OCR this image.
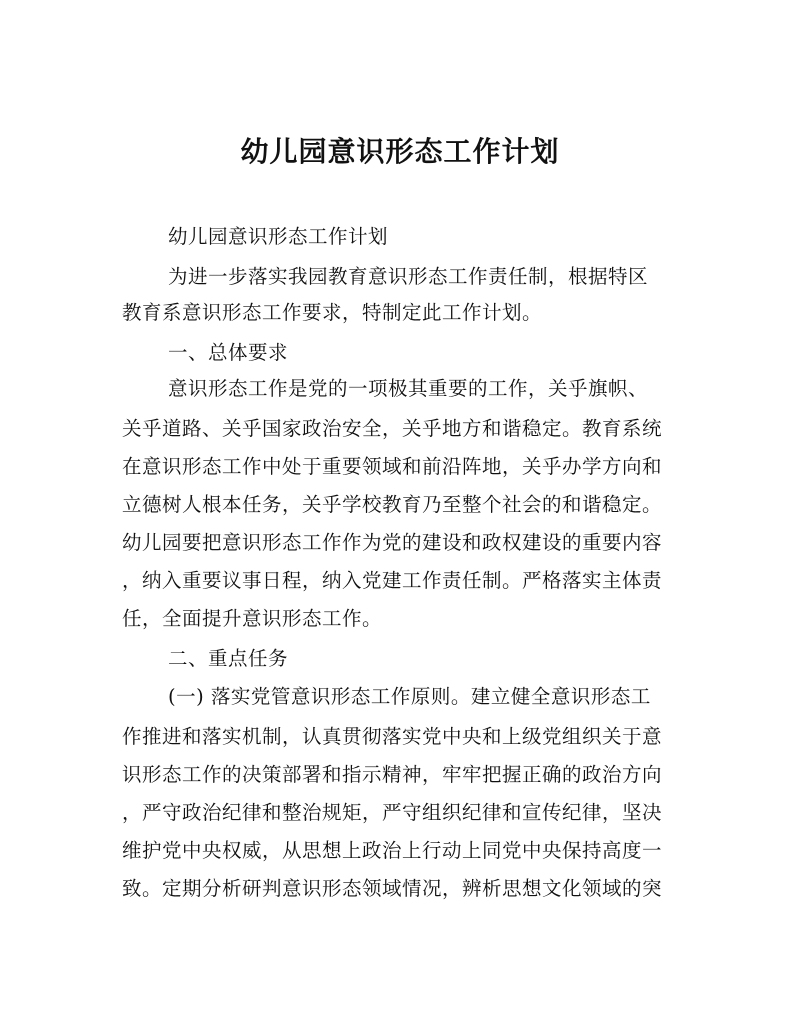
幼儿园意识形态工作计划
幼儿园意识形态工作计划
为进一步落实我园教育意识形态工作责任制，根据特区
教育系意识形态工作要求，特制定此工作计划。
一、总体要求
意识形态工作是党的一项极其重要的工作，关乎旗帜、
关乎道路、关乎国家政治安全，关乎地方和谐稳定。教育系统
在意识形态工作中处于重要领域和前沿阵地，关乎办学方向和
立德树人根本任务，关乎学校教育乃至整个社会的和谐稳定。
幼儿园要把意识形态工作作为党的建设和政权建设的重要内容
，纳入重要议事日程，纳入党建工作责任制。严格落实主体责
任，全面提升意识形态工作。
二、重点任务
(一) 落实党管意识形态工作原则。建立健全意识形态工
作推进和落实机制，认真贯彻落实党中央和上级党组织关于意
识形态工作的决策部署和指示精神，牢牢把握正确的政治方向
，严守政治纪律和整治规矩，严守组织纪律和宣传纪律，坚决
维护党中央权威，从思想上政治上行动上同党中央保持高度一
致。定期分析研判意识形态领域情况，辨析思想文化领域的突
